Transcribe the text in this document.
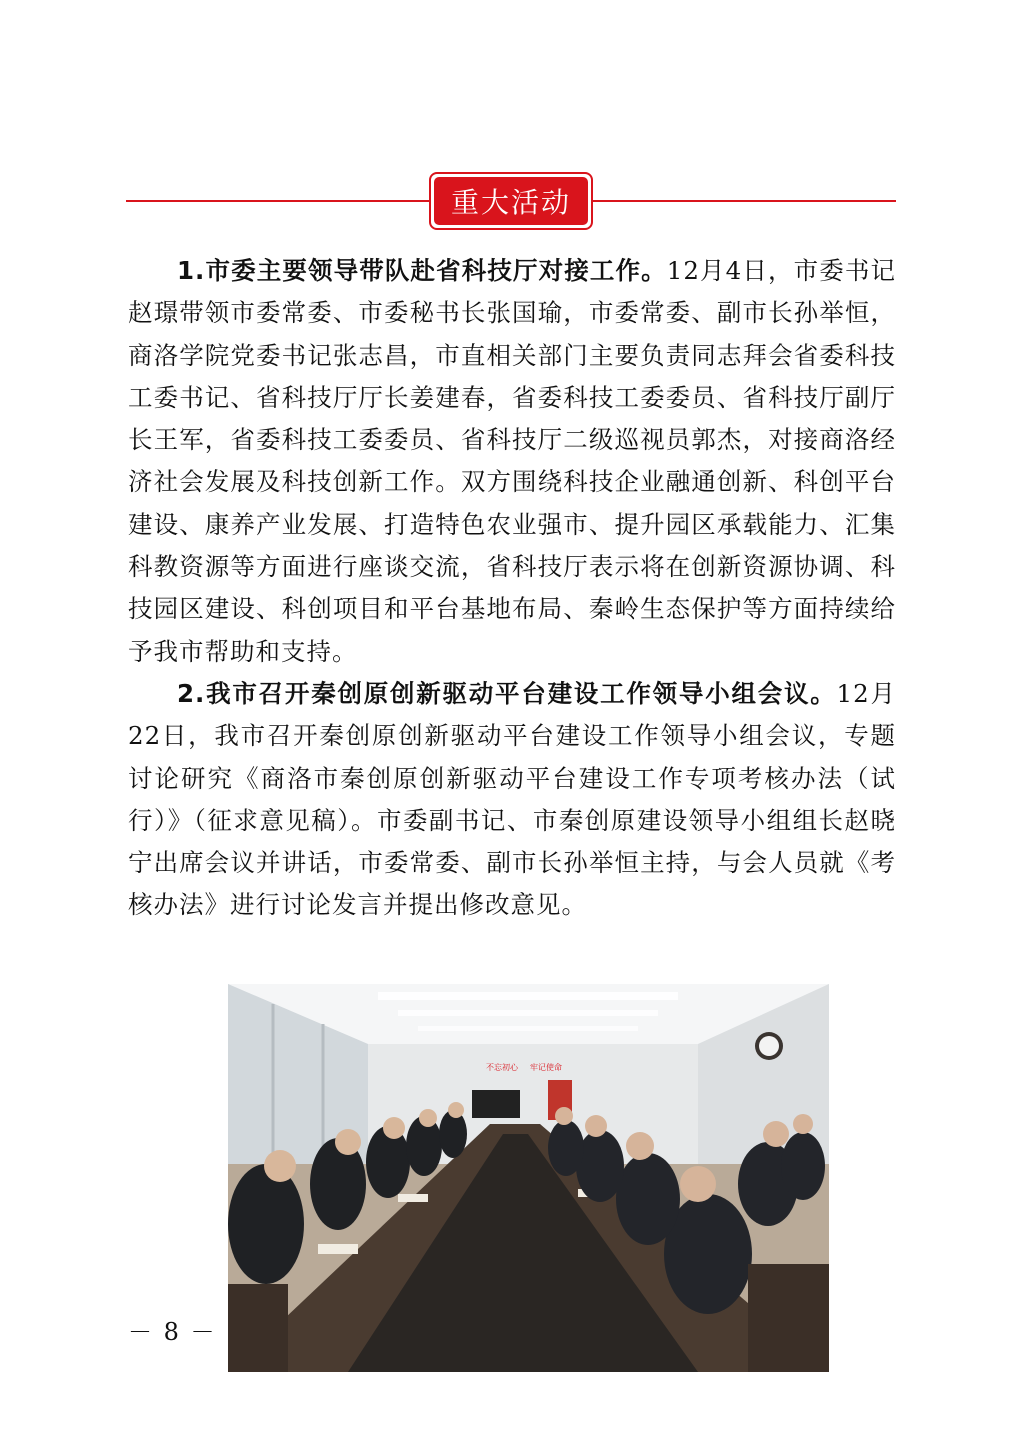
重大活动

1.市委主要领导带队赴省科技厅对接工作。12月4日，市委书记赵璟带领市委常委、市委秘书长张国瑜，市委常委、副市长孙举恒，商洛学院党委书记张志昌，市直相关部门主要负责同志拜会省委科技工委书记、省科技厅厅长姜建春，省委科技工委委员、省科技厅副厅长王军，省委科技工委委员、省科技厅二级巡视员郭杰，对接商洛经济社会发展及科技创新工作。双方围绕科技企业融通创新、科创平台建设、康养产业发展、打造特色农业强市、提升园区承载能力、汇集科教资源等方面进行座谈交流，省科技厅表示将在创新资源协调、科技园区建设、科创项目和平台基地布局、秦岭生态保护等方面持续给予我市帮助和支持。

2.我市召开秦创原创新驱动平台建设工作领导小组会议。12月22日，我市召开秦创原创新驱动平台建设工作领导小组会议，专题讨论研究《商洛市秦创原创新驱动平台建设工作专项考核办法（试行）》（征求意见稿）。市委副书记、市秦创原建设领导小组组长赵晓宁出席会议并讲话，市委常委、副市长孙举恒主持，与会人员就《考核办法》进行讨论发言并提出修改意见。

不忘初心 牢记使命
－ 8 －
